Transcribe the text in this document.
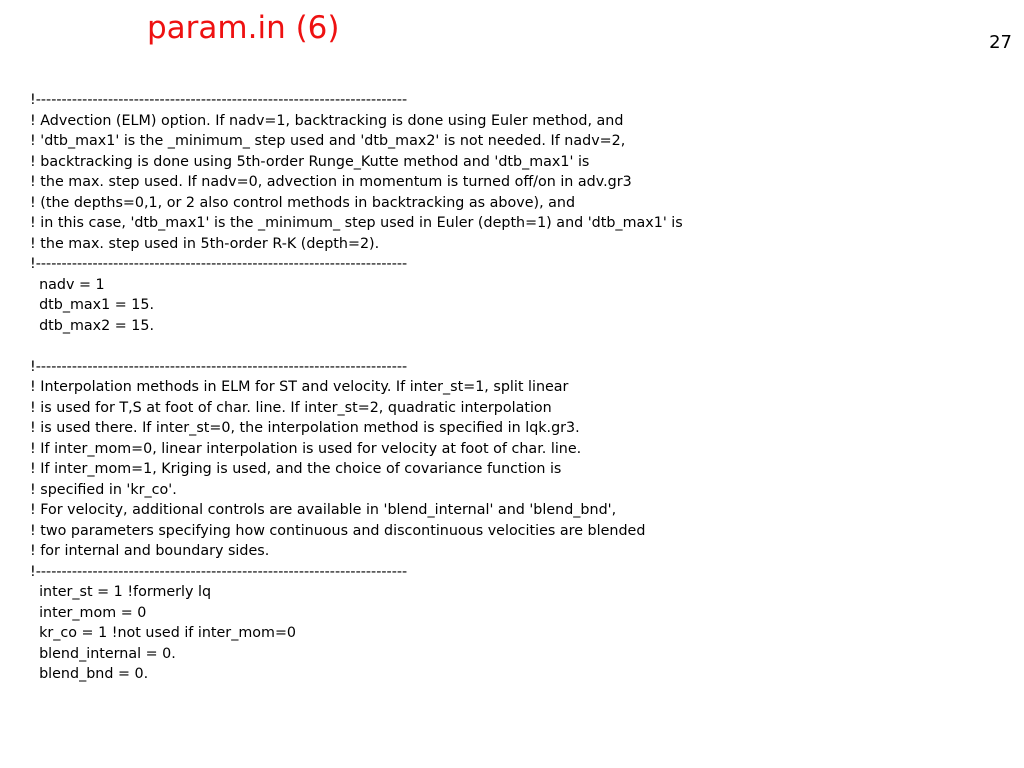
param.in (6)	27
!------------------------------------------------------------------------
! Advection (ELM) option. If nadv=1, backtracking is done using Euler method, and
! 'dtb_max1' is the _minimum_ step used and 'dtb_max2' is not needed. If nadv=2,
! backtracking is done using 5th-order Runge_Kutte method and 'dtb_max1' is
! the max. step used. If nadv=0, advection in momentum is turned off/on in adv.gr3
! (the depths=0,1, or 2 also control methods in backtracking as above), and
! in this case, 'dtb_max1' is the _minimum_ step used in Euler (depth=1) and 'dtb_max1' is
! the max. step used in 5th-order R-K (depth=2).
!------------------------------------------------------------------------
nadv = 1
dtb_max1 = 15.
dtb_max2 = 15.
!------------------------------------------------------------------------
! Interpolation methods in ELM for ST and velocity. If inter_st=1, split linear
! is used for T,S at foot of char. line. If inter_st=2, quadratic interpolation
! is used there. If inter_st=0, the interpolation method is specified in lqk.gr3.
! If inter_mom=0, linear interpolation is used for velocity at foot of char. line.
! If inter_mom=1, Kriging is used, and the choice of covariance function is
! specified in 'kr_co'.
! For velocity, additional controls are available in 'blend_internal' and 'blend_bnd',
! two parameters specifying how continuous and discontinuous velocities are blended
! for internal and boundary sides.
!------------------------------------------------------------------------
inter_st = 1 !formerly lq
inter_mom = 0
kr_co = 1 !not used if inter_mom=0
blend_internal = 0.
blend_bnd = 0.
